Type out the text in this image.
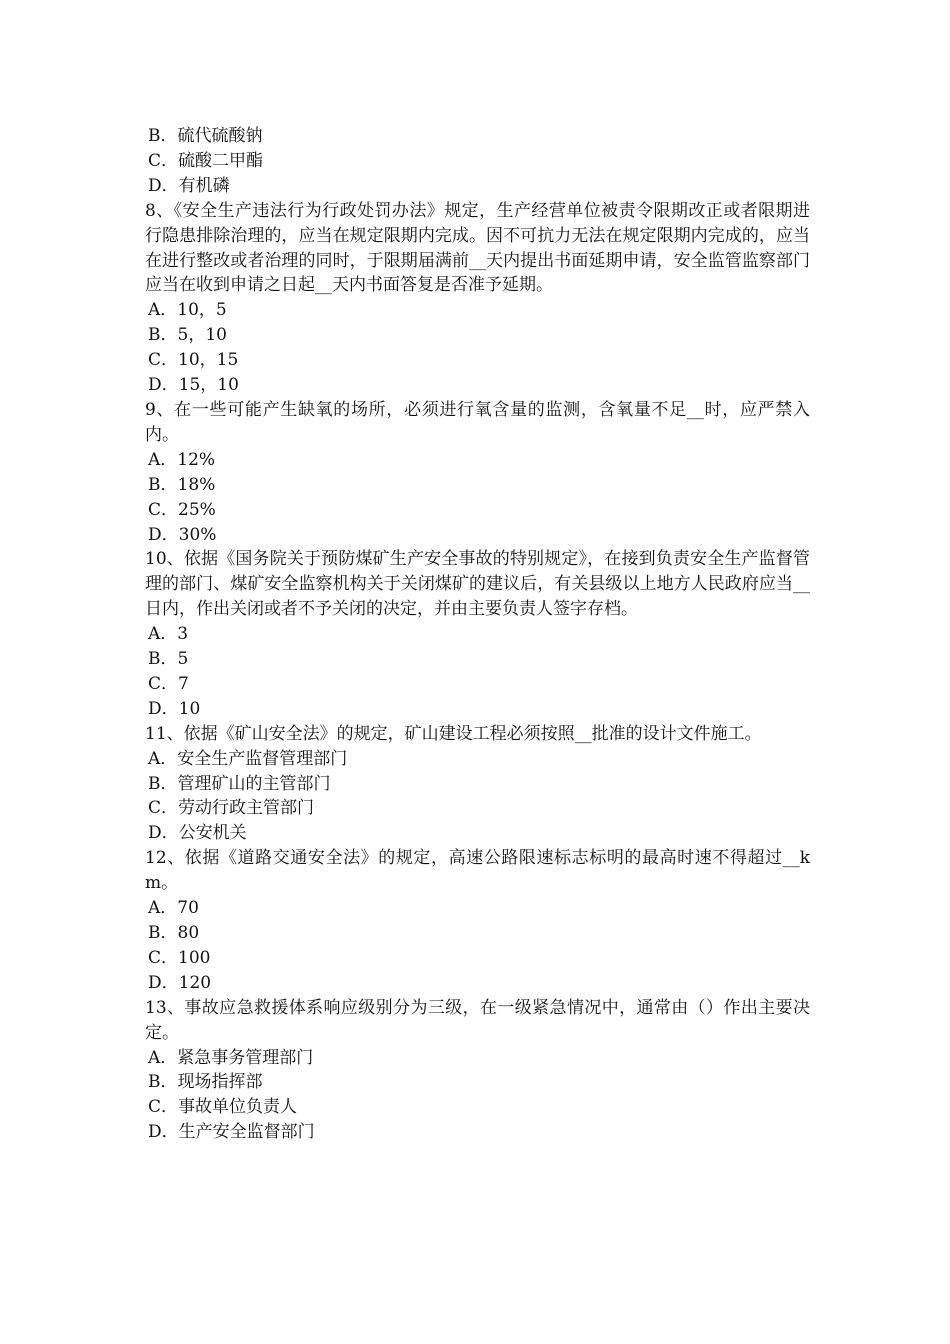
B．硫代硫酸钠
C．硫酸二甲酯
D．有机磷

8、《安全生产违法行为行政处罚办法》规定，生产经营单位被责令限期改正或者限期进行隐患排除治理的，应当在规定限期内完成。因不可抗力无法在规定限期内完成的，应当在进行整改或者治理的同时，于限期届满前__天内提出书面延期申请，安全监管监察部门应当在收到申请之日起__天内书面答复是否准予延期。

A．10，5
B．5，10
C．10，15
D．15，10

9、在一些可能产生缺氧的场所，必须进行氧含量的监测，含氧量不足__时，应严禁入内。

A．12%
B．18%
C．25%
D．30%

10、依据《国务院关于预防煤矿生产安全事故的特别规定》，在接到负责安全生产监督管理的部门、煤矿安全监察机构关于关闭煤矿的建议后，有关县级以上地方人民政府应当__日内，作出关闭或者不予关闭的决定，并由主要负责人签字存档。

A．3
B．5
C．7
D．10

11、依据《矿山安全法》的规定，矿山建设工程必须按照__批准的设计文件施工。

A．安全生产监督管理部门
B．管理矿山的主管部门
C．劳动行政主管部门
D．公安机关

12、依据《道路交通安全法》的规定，高速公路限速标志标明的最高时速不得超过__km。

A．70
B．80
C．100
D．120

13、事故应急救援体系响应级别分为三级，在一级紧急情况中，通常由（）作出主要决定。

A．紧急事务管理部门
B．现场指挥部
C．事故单位负责人
D．生产安全监督部门
